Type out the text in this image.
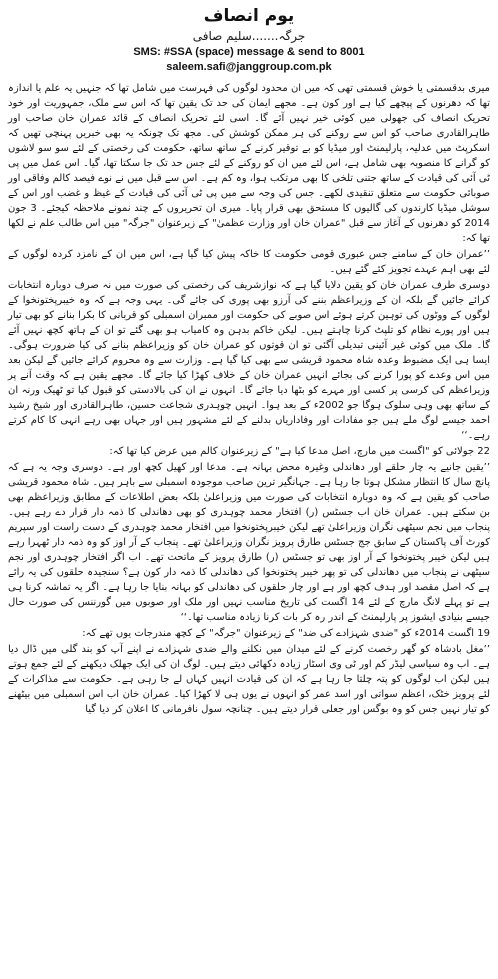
یوم انصاف
جرگہ.......سلیم صافی
SMS: #SSA (space) message & send to 8001
saleem.safi@janggroup.com.pk

میری بدقسمتی یا خوش قسمتی تھی کہ میں ان محدود لوگوں کی فہرست میں شامل تھا کہ جنہیں یہ علم یا اندازہ تھا کہ دھرنوں کے پیچھے کیا ہے اور کون ہے۔ مجھے ایمان کی حد تک یقین تھا کہ اس سے ملک، جمہوریت اور خود تحریک انصاف کی جھولی میں کوئی خیر نہیں آئے گا۔ اسی لئے تحریک انصاف کے قائد عمران خان صاحب اور طاہرالقادری صاحب کو اس سے روکنے کی ہر ممکن کوشش کی۔ مجھ تک چونکہ یہ بھی خبریں پہنچی تھیں کہ اسکرپٹ میں عدلیہ، پارلیمنٹ اور میڈیا کو بے توقیر کرنے کے ساتھ ساتھ، حکومت کی رخصتی کے لئے سو سو لاشوں کو گرانے کا منصوبہ بھی شامل ہے، اس لئے میں ان کو روکنے کے لئے جس حد تک جا سکتا تھا، گیا۔ اس عمل میں پی ٹی آئی کی قیادت کے ساتھ جتنی تلخی کا بھی مرتکب ہوا، وہ کم ہے۔ اس سے قبل میں نے نوے فیصد کالم وفاقی اور صوبائی حکومت سے متعلق تنقیدی لکھے۔ جس کی وجہ سے میں پی ٹی آئی کی قیادت کے غیظ و غضب اور اس کے سوشل میڈیا کارندوں کی گالیوں کا مستحق بھی قرار پایا۔ میری ان تحریروں کے چند نمونے ملاحظہ کیجئے۔ 3 جون 2014 کو دھرنوں کے آغاز سے قبل "عمران خان اور وزارت عظمیٰ" کے زیرعنوان "جرگہ" میں اس طالب علم نے لکھا تھا کہ:

’’عمران خان کے سامنے جس عبوری قومی حکومت کا خاکہ پیش کیا گیا ہے، اس میں ان کے نامزد کردہ لوگوں کے لئے بھی اہم عہدے تجویز کئے گئے ہیں۔

دوسری طرف عمران خان کو یقین دلایا گیا ہے کہ نوازشریف کی رخصتی کی صورت میں نہ صرف دوبارہ انتخابات کرائے جائیں گے بلکہ ان کے وزیراعظم بننے کی آرزو بھی پوری کی جائے گی۔ یہی وجہ ہے کہ وہ خیبرپختونخوا کے لوگوں کے ووٹوں کی توہین کرتے ہوئے اس صوبے کی حکومت اور ممبران اسمبلی کو قربانی کا بکرا بنانے کو بھی تیار ہیں اور پورے نظام کو تلپٹ کرنا چاہتے ہیں۔ لیکن خاکم بدہن وہ کامیاب ہو بھی گئے تو ان کے ہاتھ کچھ نہیں آئے گا۔ ملک میں کوئی غیر آئینی تبدیلی آگئی تو ان قوتوں کو عمران خان کو وزیراعظم بنانے کی کیا ضرورت ہوگی۔ ایسا ہی ایک مضبوط وعدہ شاہ محمود قریشی سے بھی کیا گیا ہے۔ وزارت سے وہ محروم کرائے جائیں گے لیکن بعد میں اس وعدے کو پورا کرنے کی بجائے انہیں عمران خان کے خلاف کھڑا کیا جائے گا۔ مجھے یقین ہے کہ وقت آنے پر وزیراعظم کی کرسی پر کسی اور مہرے کو بٹھا دیا جائے گا۔ انہوں نے ان کی بالادستی کو قبول کیا تو ٹھیک ورنہ ان کے ساتھ بھی وہی سلوک ہوگا جو 2002ء کے بعد ہوا۔ انہیں چوہدری شجاعت حسین، طاہرالقادری اور شیخ رشید احمد جیسے لوگ ملے ہیں جو مفادات اور وفاداریاں بدلنے کے لئے مشہور ہیں اور جہاں بھی رہے انہی کا کام کرتے رہے۔‘‘

22 جولائی کو "اگست میں مارچ، اصل مدعا کیا ہے" کے زیرعنوان کالم میں عرض کیا تھا کہ:

’’یقین جانیے یہ چار حلقے اور دھاندلی وغیرہ محض بہانہ ہے۔ مدعا اور کھیل کچھ اور ہے۔ دوسری وجہ یہ ہے کہ پانچ سال کا انتظار مشکل ہوتا جا رہا ہے۔ جہانگیر ترین صاحب موجودہ اسمبلی سے باہر ہیں۔ شاہ محمود قریشی صاحب کو یقین ہے کہ وہ دوبارہ انتخابات کی صورت میں وزیراعلیٰ بلکہ بعض اطلاعات کے مطابق وزیراعظم بھی بن سکتے ہیں۔ عمران خان اب جسٹس (ر) افتخار محمد چوہدری کو بھی دھاندلی کا ذمہ دار قرار دے رہے ہیں۔ پنجاب میں نجم سیٹھی نگران وزیراعلیٰ تھے لیکن خیبرپختونخوا میں افتخار محمد چوہدری کے دست راست اور سپریم کورٹ آف پاکستان کے سابق جج جسٹس طارق پرویز نگران وزیراعلیٰ تھے۔ پنجاب کے آر اوز کو وہ ذمہ دار ٹھہرا رہے ہیں لیکن خیبر پختونخوا کے آر اوز بھی تو جسٹس (ر) طارق پرویز کے ماتحت تھے۔ اب اگر افتخار چوہدری اور نجم سیٹھی نے پنجاب میں دھاندلی کی تو پھر خیبر پختونخوا کی دھاندلی کا ذمہ دار کون ہے؟ سنجیدہ حلقوں کی یہ رائے ہے کہ اصل مقصد اور ہدف کچھ اور ہے اور چار حلقوں کی دھاندلی کو بہانہ بنایا جا رہا ہے۔ اگر یہ تماشہ کرنا ہی ہے تو پہلے لانگ مارچ کے لئے 14 اگست کی تاریخ مناسب نہیں اور ملک اور صوبوں میں گورننس کی صورت حال جیسے بنیادی ایشوز پر پارلیمنٹ کے اندر رہ کر بات کرنا زیادہ مناسب تھا۔‘‘

19 اگست 2014ء کو "ضدی شہزادے کی ضد" کے زیرعنوان "جرگہ" کے کچھ مندرجات یوں تھے کہ:

’’مغل بادشاہ کو گھر رخصت کرنے کے لئے میدان میں نکلنے والے ضدی شہزادے نے اپنے آپ کو بند گلی میں ڈال دیا ہے۔ اب وہ سیاسی لیڈر کم اور ٹی وی اسٹار زیادہ دکھائی دیتے ہیں۔ لوگ ان کی ایک جھلک دیکھنے کے لئے جمع ہوتے ہیں لیکن اب لوگوں کو پتہ چلتا جا رہا ہے کہ ان کی قیادت انہیں کہاں لے جا رہی ہے۔ حکومت سے مذاکرات کے لئے پرویز خٹک، اعظم سواتی اور اسد عمر کو انہوں نے یوں ہی لا کھڑا کیا۔ عمران خان اب اس اسمبلی میں بیٹھنے کو تیار نہیں جس کو وہ بوگس اور جعلی قرار دیتے ہیں۔ چنانچہ سول نافرمانی کا اعلان کر دیا گیا
